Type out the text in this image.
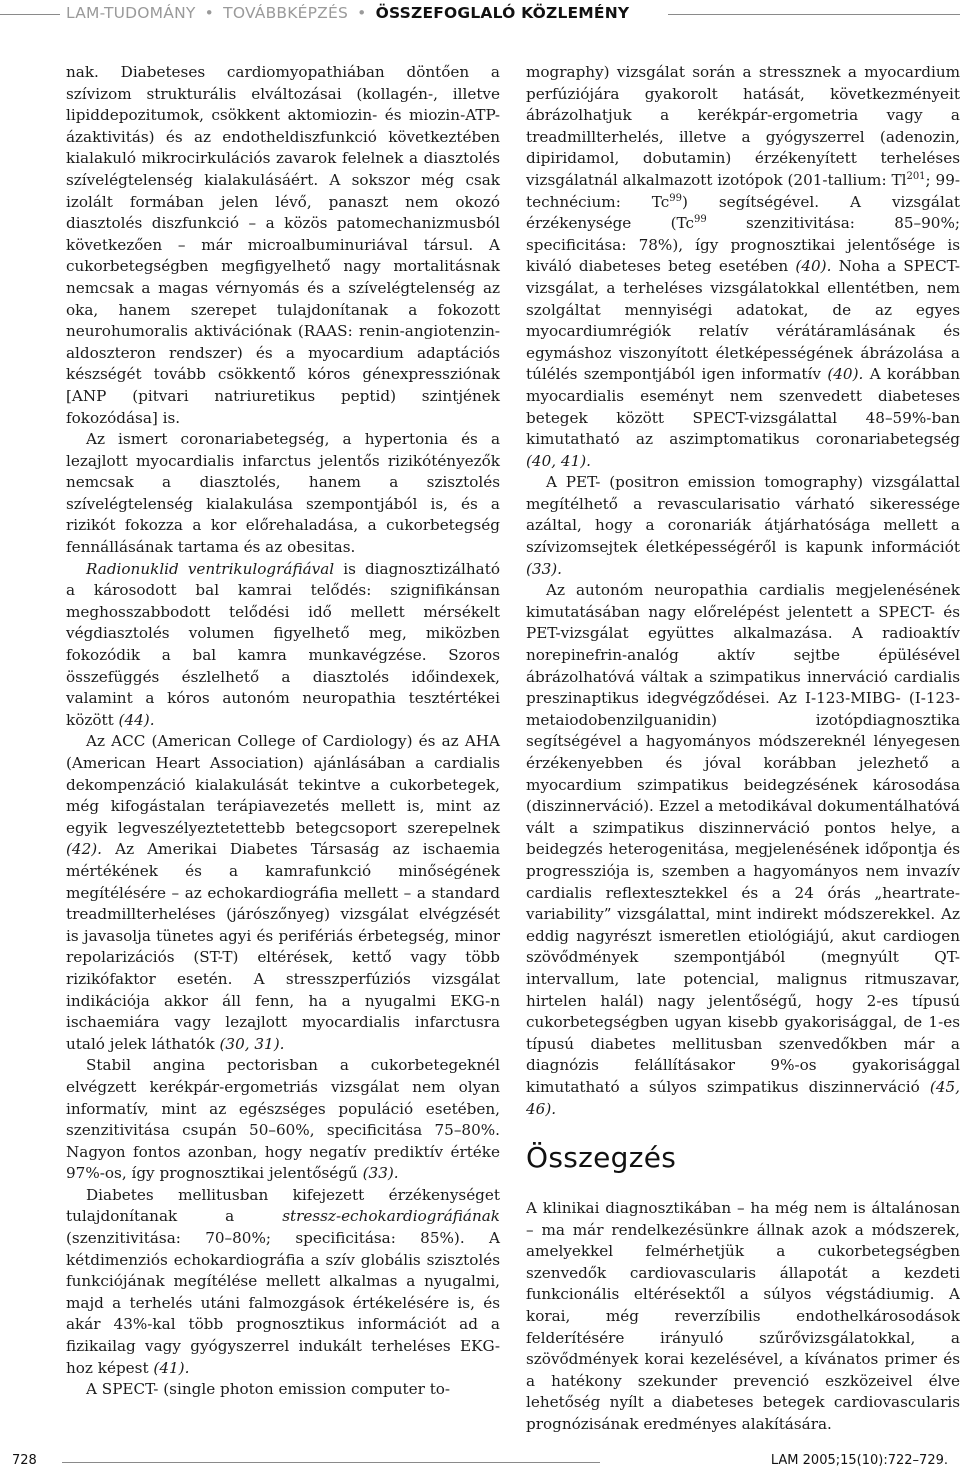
LAM-TUDOMÁNY • TOVÁBBKÉPZÉS • ÖSSZEFOGLALÓ KÖZLEMÉNY

nak. Diabeteses cardiomyopathiában döntően a szívizom strukturális elváltozásai (kollagén-, illetve lipiddepozitumok, csökkent aktomiozin- és miozin-ATP-ázaktivitás) és az endotheldiszfunkció következtében kialakuló mikrocirkulációs zavarok felelnek a diasztolés szívelégtelenség kialakulásáért. A sokszor még csak izolált formában jelen lévő, panaszt nem okozó diasztolés diszfunkció – a közös patomechanizmusból következően – már microalbuminuriával társul. A cukorbetegségben megfigyelhető nagy mortalitásnak nemcsak a magas vérnyomás és a szívelégtelenség az oka, hanem szerepet tulajdonítanak a fokozott neurohumoralis aktivációnak (RAAS: renin-angiotenzin-aldoszteron rendszer) és a myocardium adaptációs készségét tovább csökkentő kóros génexpressziónak [ANP (pitvari natriuretikus peptid) szintjének fokozódása] is.

Az ismert coronariabetegség, a hypertonia és a lezajlott myocardialis infarctus jelentős rizikótényezők nemcsak a diasztolés, hanem a szisztolés szívelégtelenség kialakulása szempontjából is, és a rizikót fokozza a kor előrehaladása, a cukorbetegség fennállásának tartama és az obesitas.

Radionuklid ventrikulográfiával is diagnosztizálható a károsodott bal kamrai telődés: szignifikánsan meghosszabbodott telődési idő mellett mérsékelt végdiasztolés volumen figyelhető meg, miközben fokozódik a bal kamra munkavégzése. Szoros összefüggés észlelhető a diasztolés időindexek, valamint a kóros autonóm neuropathia tesztértékei között (44).

Az ACC (American College of Cardiology) és az AHA (American Heart Association) ajánlásában a cardialis dekompenzáció kialakulását tekintve a cukorbetegek, még kifogástalan terápiavezetés mellett is, mint az egyik legveszélyeztetettebb betegcsoport szerepelnek (42). Az Amerikai Diabetes Társaság az ischaemia mértékének és a kamrafunkció minőségének megítélésére – az echokardiográfia mellett – a standard treadmillterheléses (járószőnyeg) vizsgálat elvégzését is javasolja tünetes agyi és perifériás érbetegség, minor repolarizációs (ST-T) eltérések, kettő vagy több rizikófaktor esetén. A stresszperfúziós vizsgálat indikációja akkor áll fenn, ha a nyugalmi EKG-n ischaemiára vagy lezajlott myocardialis infarctusra utaló jelek láthatók (30, 31).

Stabil angina pectorisban a cukorbetegeknél elvégzett kerékpár-ergometriás vizsgálat nem olyan informatív, mint az egészséges populáció esetében, szenzitivitása csupán 50–60%, specificitása 75–80%. Nagyon fontos azonban, hogy negatív prediktív értéke 97%-os, így prognosztikai jelentőségű (33).

Diabetes mellitusban kifejezett érzékenységet tulajdonítanak a stressz-echokardiográfiának (szenzitivitása: 70–80%; specificitása: 85%). A kétdimenziós echokardiográfia a szív globális szisztolés funkciójának megítélése mellett alkalmas a nyugalmi, majd a terhelés utáni falmozgások értékelésére is, és akár 43%-kal több prognosztikus információt ad a fizikailag vagy gyógyszerrel indukált terheléses EKG-hoz képest (41).

A SPECT- (single photon emission computer to-

mography) vizsgálat során a stressznek a myocardium perfúziójára gyakorolt hatását, következményeit ábrázolhatjuk a kerékpár-ergometria vagy a treadmillterhelés, illetve a gyógyszerrel (adenozin, dipiridamol, dobutamin) érzékenyített terheléses vizsgálatnál alkalmazott izotópok (201-tallium: Tl$^{201}$; 99-technécium: Tc$^{99}$) segítségével. A vizsgálat érzékenysége (Tc$^{99}$ szenzitivitása: 85–90%; specificitása: 78%), így prognosztikai jelentősége is kiváló diabeteses beteg esetében (40). Noha a SPECT-vizsgálat, a terheléses vizsgálatokkal ellentétben, nem szolgáltat mennyiségi adatokat, de az egyes myocardiumrégiók relatív vérátáramlásának és egymáshoz viszonyított életképességének ábrázolása a túlélés szempontjából igen informatív (40). A korábban myocardialis eseményt nem szenvedett diabeteses betegek között SPECT-vizsgálattal 48–59%-ban kimutatható az aszimptomatikus coronariabetegség (40, 41).

A PET- (positron emission tomography) vizsgálattal megítélhető a revascularisatio várható sikeressége azáltal, hogy a coronariák átjárhatósága mellett a szívizomsejtek életképességéről is kapunk információt (33).

Az autonóm neuropathia cardialis megjelenésének kimutatásában nagy előrelépést jelentett a SPECT- és PET-vizsgálat együttes alkalmazása. A radioaktív norepinefrin-analóg aktív sejtbe épülésével ábrázolhatóvá váltak a szimpatikus innerváció cardialis preszinaptikus idegvégződései. Az I-123-MIBG- (I-123-metaiodobenzilguanidin) izotópdiagnosztika segítségével a hagyományos módszereknél lényegesen érzékenyebben és jóval korábban jelezhető a myocardium szimpatikus beidegzésének károsodása (diszinnerváció). Ezzel a metodikával dokumentálhatóvá vált a szimpatikus diszinnerváció pontos helye, a beidegzés heterogenitása, megjelenésének időpontja és progressziója is, szemben a hagyományos nem invazív cardialis reflextesztekkel és a 24 órás „heartrate-variability” vizsgálattal, mint indirekt módszerekkel. Az eddig nagyrészt ismeretlen etiológiájú, akut cardiogen szövődmények szempontjából (megnyúlt QT-intervallum, late potencial, malignus ritmuszavar, hirtelen halál) nagy jelentőségű, hogy 2-es típusú cukorbetegségben ugyan kisebb gyakorisággal, de 1-es típusú diabetes mellitusban szenvedőkben már a diagnózis felállításakor 9%-os gyakorisággal kimutatható a súlyos szimpatikus diszinnerváció (45, 46).

Összegzés

A klinikai diagnosztikában – ha még nem is általánosan – ma már rendelkezésünkre állnak azok a módszerek, amelyekkel felmérhetjük a cukorbetegségben szenvedők cardiovascularis állapotát a kezdeti funkcionális eltérésektől a súlyos végstádiumig. A korai, még reverzíbilis endothelkárosodások felderítésére irányuló szűrővizsgálatokkal, a szövődmények korai kezelésével, a kívánatos primer és a hatékony szekunder prevenció eszközeivel élve lehetőség nyílt a diabeteses betegek cardiovascularis prognózisának eredményes alakítására.

728	LAM 2005;15(10):722–729.
